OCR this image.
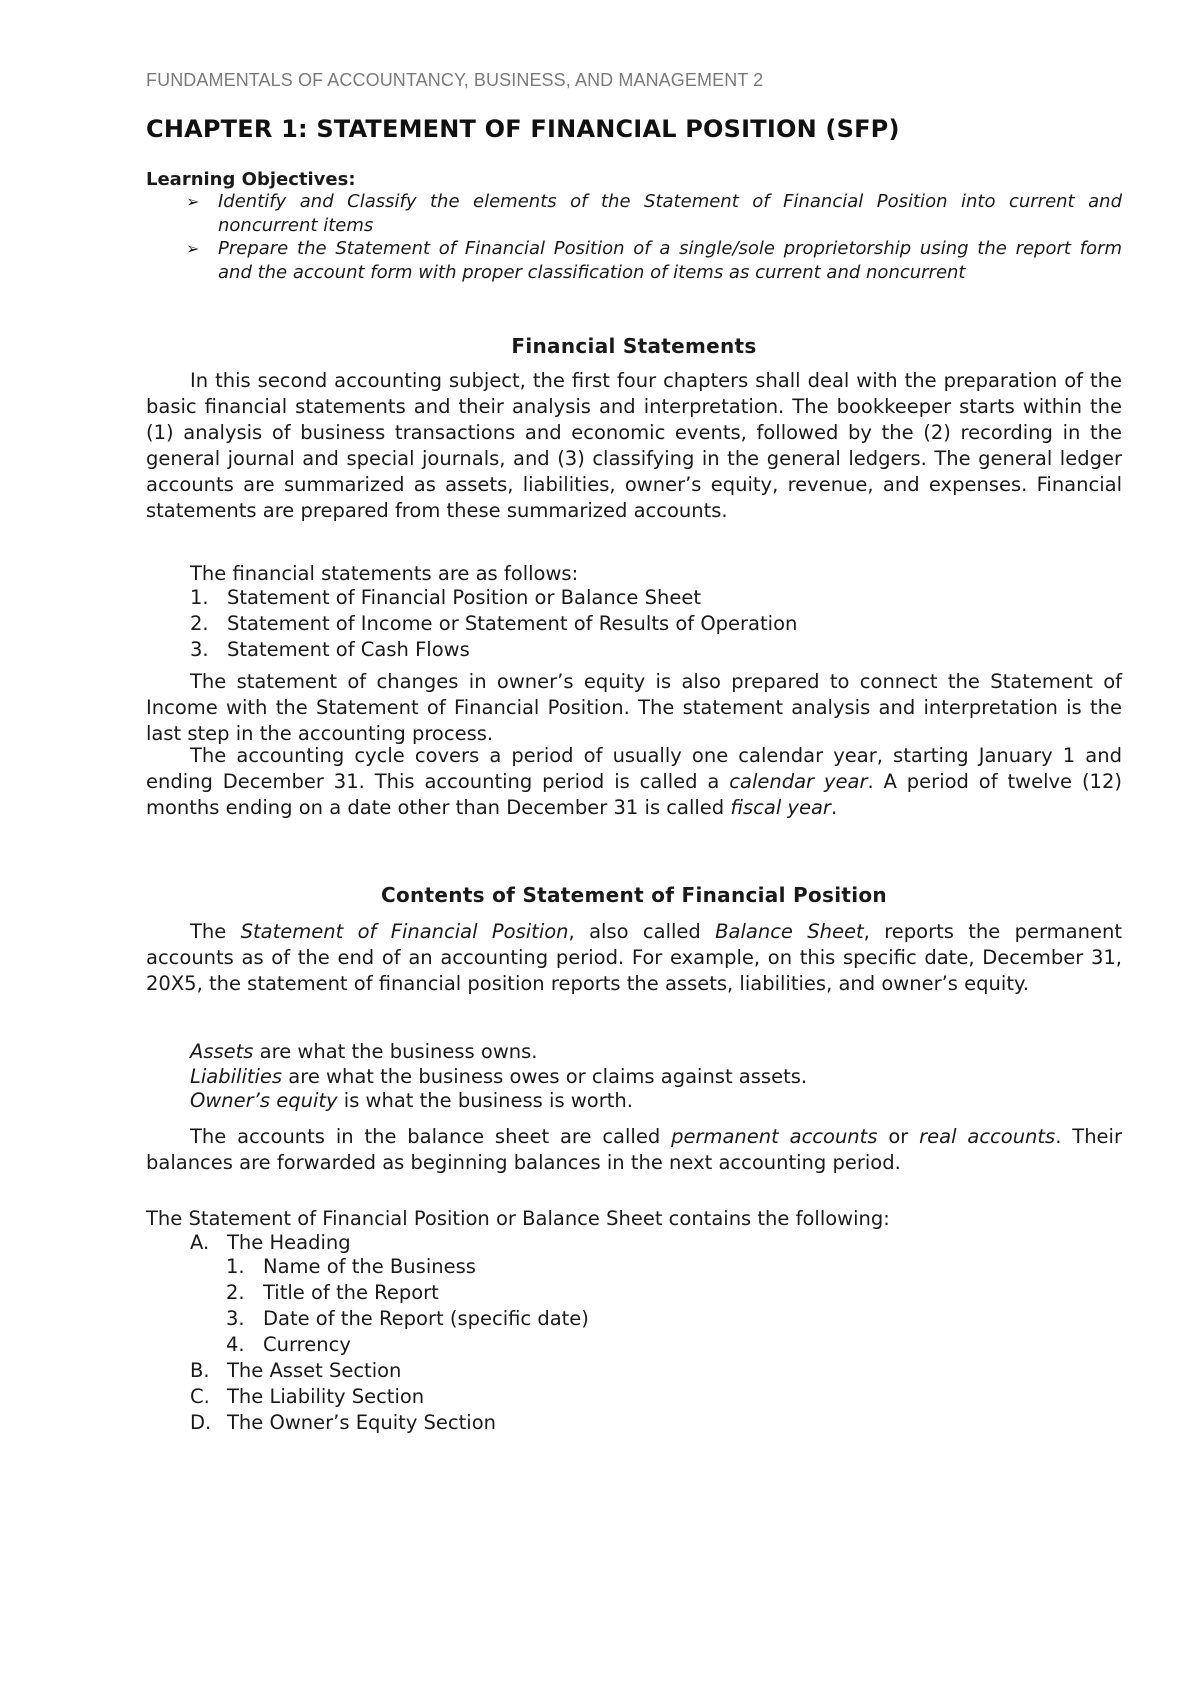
FUNDAMENTALS OF ACCOUNTANCY, BUSINESS, AND MANAGEMENT 2
CHAPTER 1: STATEMENT OF FINANCIAL POSITION (SFP)
Learning Objectives:
➢ Identify and Classify the elements of the Statement of Financial Position into current and noncurrent items
➢ Prepare the Statement of Financial Position of a single/sole proprietorship using the report form and the account form with proper classification of items as current and noncurrent
Financial Statements

In this second accounting subject, the first four chapters shall deal with the preparation of the basic financial statements and their analysis and interpretation. The bookkeeper starts within the (1) analysis of business transactions and economic events, followed by the (2) recording in the general journal and special journals, and (3) classifying in the general ledgers. The general ledger accounts are summarized as assets, liabilities, owner’s equity, revenue, and expenses. Financial statements are prepared from these summarized accounts.

The financial statements are as follows:

1. Statement of Financial Position or Balance Sheet
2. Statement of Income or Statement of Results of Operation
3. Statement of Cash Flows

The statement of changes in owner’s equity is also prepared to connect the Statement of Income with the Statement of Financial Position. The statement analysis and interpretation is the last step in the accounting process.

The accounting cycle covers a period of usually one calendar year, starting January 1 and ending December 31. This accounting period is called a calendar year. A period of twelve (12) months ending on a date other than December 31 is called fiscal year.

Contents of Statement of Financial Position

The Statement of Financial Position, also called Balance Sheet, reports the permanent accounts as of the end of an accounting period. For example, on this specific date, December 31, 20X5, the statement of financial position reports the assets, liabilities, and owner’s equity.

Assets are what the business owns.
Liabilities are what the business owes or claims against assets.
Owner’s equity is what the business is worth.

The accounts in the balance sheet are called permanent accounts or real accounts. Their balances are forwarded as beginning balances in the next accounting period.

The Statement of Financial Position or Balance Sheet contains the following:

A. The Heading
1. Name of the Business
2. Title of the Report
3. Date of the Report (specific date)
4. Currency
B. The Asset Section
C. The Liability Section
D. The Owner’s Equity Section
